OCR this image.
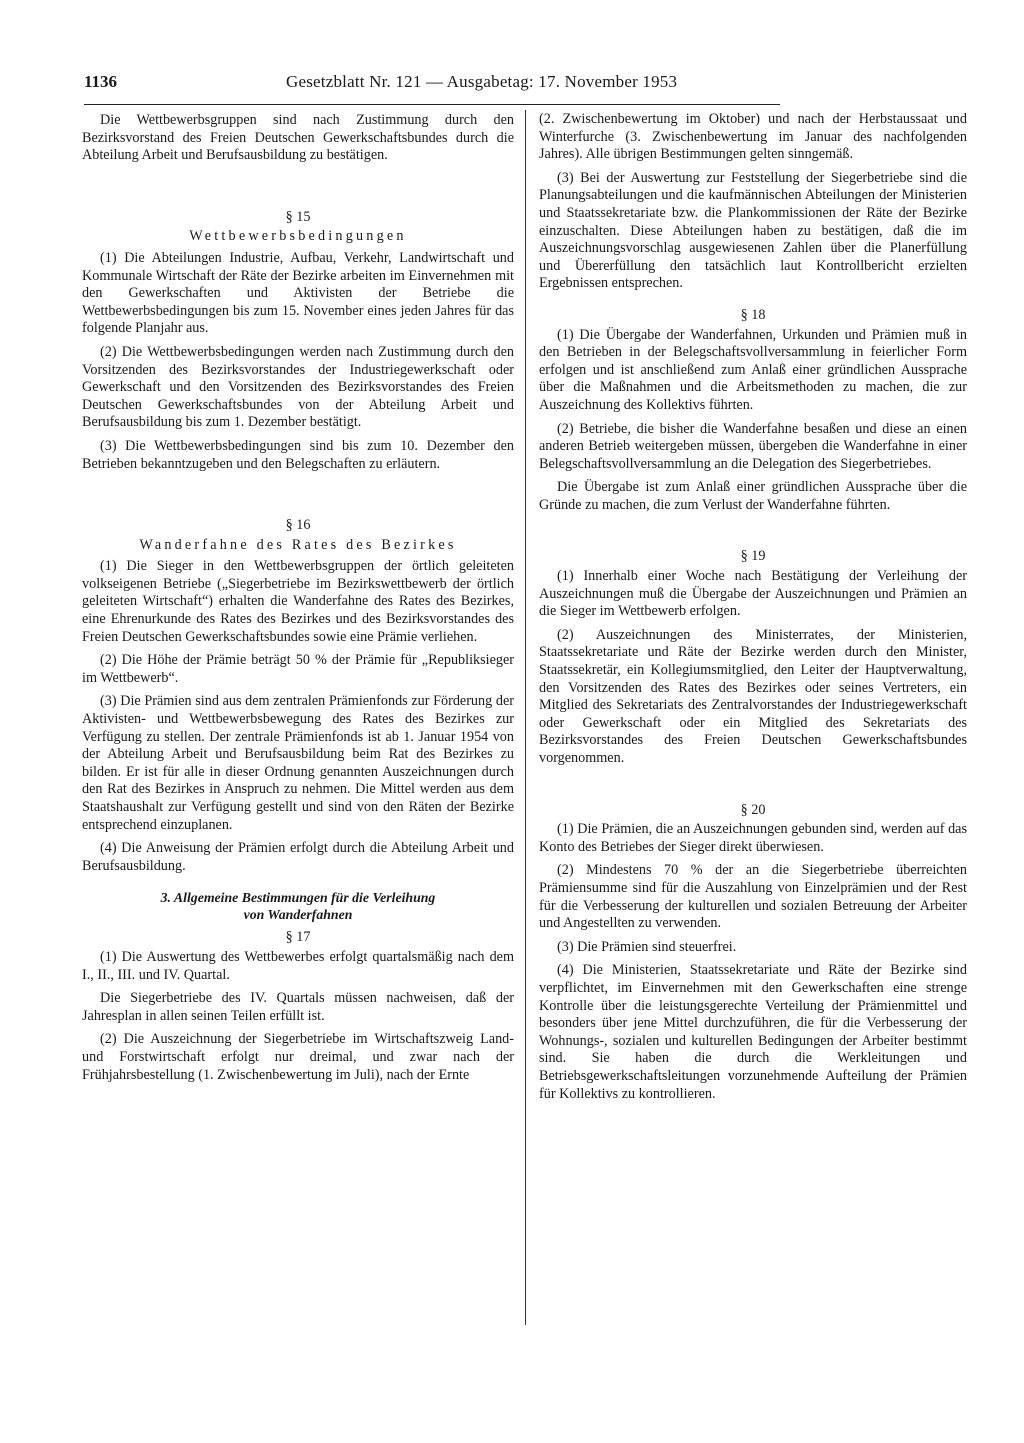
1136	Gesetzblatt Nr. 121 — Ausgabetag: 17. November 1953

Die Wettbewerbsgruppen sind nach Zustimmung durch den Bezirksvorstand des Freien Deutschen Gewerkschaftsbundes durch die Abteilung Arbeit und Berufsausbildung zu bestätigen.

§ 15
Wettbewerbsbedingungen

(1) Die Abteilungen Industrie, Aufbau, Verkehr, Landwirtschaft und Kommunale Wirtschaft der Räte der Bezirke arbeiten im Einvernehmen mit den Gewerkschaften und Aktivisten der Betriebe die Wettbewerbsbedingungen bis zum 15. November eines jeden Jahres für das folgende Planjahr aus.

(2) Die Wettbewerbsbedingungen werden nach Zustimmung durch den Vorsitzenden des Bezirksvorstandes der Industriegewerkschaft oder Gewerkschaft und den Vorsitzenden des Bezirksvorstandes des Freien Deutschen Gewerkschaftsbundes von der Abteilung Arbeit und Berufsausbildung bis zum 1. Dezember bestätigt.

(3) Die Wettbewerbsbedingungen sind bis zum 10. Dezember den Betrieben bekanntzugeben und den Belegschaften zu erläutern.

§ 16
Wanderfahne des Rates des Bezirkes

(1) Die Sieger in den Wettbewerbsgruppen der örtlich geleiteten volkseigenen Betriebe („Siegerbetriebe im Bezirkswettbewerb der örtlich geleiteten Wirtschaft“) erhalten die Wanderfahne des Rates des Bezirkes, eine Ehrenurkunde des Rates des Bezirkes und des Bezirksvorstandes des Freien Deutschen Gewerkschaftsbundes sowie eine Prämie verliehen.

(2) Die Höhe der Prämie beträgt 50 % der Prämie für „Republiksieger im Wettbewerb“.

(3) Die Prämien sind aus dem zentralen Prämienfonds zur Förderung der Aktivisten- und Wettbewerbsbewegung des Rates des Bezirkes zur Verfügung zu stellen. Der zentrale Prämienfonds ist ab 1. Januar 1954 von der Abteilung Arbeit und Berufsausbildung beim Rat des Bezirkes zu bilden. Er ist für alle in dieser Ordnung genannten Auszeichnungen durch den Rat des Bezirkes in Anspruch zu nehmen. Die Mittel werden aus dem Staatshaushalt zur Verfügung gestellt und sind von den Räten der Bezirke entsprechend einzuplanen.

(4) Die Anweisung der Prämien erfolgt durch die Abteilung Arbeit und Berufsausbildung.

3. Allgemeine Bestimmungen für die Verleihung
von Wanderfahnen
§ 17

(1) Die Auswertung des Wettbewerbes erfolgt quartalsmäßig nach dem I., II., III. und IV. Quartal.

Die Siegerbetriebe des IV. Quartals müssen nachweisen, daß der Jahresplan in allen seinen Teilen erfüllt ist.

(2) Die Auszeichnung der Siegerbetriebe im Wirtschaftszweig Land- und Forstwirtschaft erfolgt nur dreimal, und zwar nach der Frühjahrsbestellung (1. Zwischenbewertung im Juli), nach der Ernte

(2. Zwischenbewertung im Oktober) und nach der Herbstaussaat und Winterfurche (3. Zwischenbewertung im Januar des nachfolgenden Jahres). Alle übrigen Bestimmungen gelten sinngemäß.

(3) Bei der Auswertung zur Feststellung der Siegerbetriebe sind die Planungsabteilungen und die kaufmännischen Abteilungen der Ministerien und Staatssekretariate bzw. die Plankommissionen der Räte der Bezirke einzuschalten. Diese Abteilungen haben zu bestätigen, daß die im Auszeichnungsvorschlag ausgewiesenen Zahlen über die Planerfüllung und Übererfüllung den tatsächlich laut Kontrollbericht erzielten Ergebnissen entsprechen.

§ 18

(1) Die Übergabe der Wanderfahnen, Urkunden und Prämien muß in den Betrieben in der Belegschaftsvollversammlung in feierlicher Form erfolgen und ist anschließend zum Anlaß einer gründlichen Aussprache über die Maßnahmen und die Arbeitsmethoden zu machen, die zur Auszeichnung des Kollektivs führten.

(2) Betriebe, die bisher die Wanderfahne besaßen und diese an einen anderen Betrieb weitergeben müssen, übergeben die Wanderfahne in einer Belegschaftsvollversammlung an die Delegation des Siegerbetriebes.

Die Übergabe ist zum Anlaß einer gründlichen Aussprache über die Gründe zu machen, die zum Verlust der Wanderfahne führten.

§ 19

(1) Innerhalb einer Woche nach Bestätigung der Verleihung der Auszeichnungen muß die Übergabe der Auszeichnungen und Prämien an die Sieger im Wettbewerb erfolgen.

(2) Auszeichnungen des Ministerrates, der Ministerien, Staatssekretariate und Räte der Bezirke werden durch den Minister, Staatssekretär, ein Kollegiumsmitglied, den Leiter der Hauptverwaltung, den Vorsitzenden des Rates des Bezirkes oder seines Vertreters, ein Mitglied des Sekretariats des Zentralvorstandes der Industriegewerkschaft oder Gewerkschaft oder ein Mitglied des Sekretariats des Bezirksvorstandes des Freien Deutschen Gewerkschaftsbundes vorgenommen.

§ 20

(1) Die Prämien, die an Auszeichnungen gebunden sind, werden auf das Konto des Betriebes der Sieger direkt überwiesen.

(2) Mindestens 70 % der an die Siegerbetriebe überreichten Prämiensumme sind für die Auszahlung von Einzelprämien und der Rest für die Verbesserung der kulturellen und sozialen Betreuung der Arbeiter und Angestellten zu verwenden.

(3) Die Prämien sind steuerfrei.

(4) Die Ministerien, Staatssekretariate und Räte der Bezirke sind verpflichtet, im Einvernehmen mit den Gewerkschaften eine strenge Kontrolle über die leistungsgerechte Verteilung der Prämienmittel und besonders über jene Mittel durchzuführen, die für die Verbesserung der Wohnungs-, sozialen und kulturellen Bedingungen der Arbeiter bestimmt sind. Sie haben die durch die Werkleitungen und Betriebsgewerkschaftsleitungen vorzunehmende Aufteilung der Prämien für Kollektivs zu kontrollieren.
